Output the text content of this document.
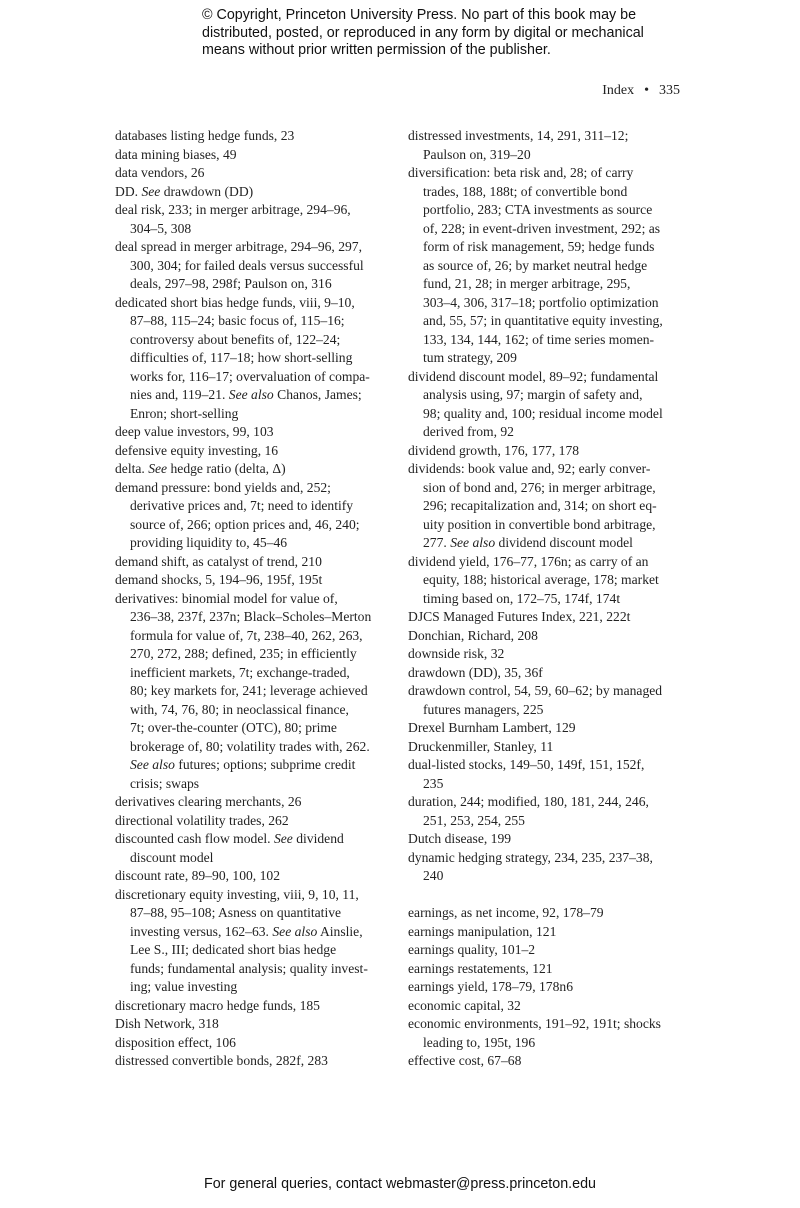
© Copyright, Princeton University Press. No part of this book may be
distributed, posted, or reproduced in any form by digital or mechanical
means without prior written permission of the publisher.
Index • 335
databases listing hedge funds, 23
data mining biases, 49
data vendors, 26
DD. See drawdown (DD)
deal risk, 233; in merger arbitrage, 294–96,
304–5, 308
deal spread in merger arbitrage, 294–96, 297,
300, 304; for failed deals versus successful
deals, 297–98, 298f; Paulson on, 316
dedicated short bias hedge funds, viii, 9–10,
87–88, 115–24; basic focus of, 115–16;
controversy about benefits of, 122–24;
difficulties of, 117–18; how short-selling
works for, 116–17; overvaluation of compa-
nies and, 119–21. See also Chanos, James;
Enron; short-selling
deep value investors, 99, 103
defensive equity investing, 16
delta. See hedge ratio (delta, Δ)
demand pressure: bond yields and, 252;
derivative prices and, 7t; need to identify
source of, 266; option prices and, 46, 240;
providing liquidity to, 45–46
demand shift, as catalyst of trend, 210
demand shocks, 5, 194–96, 195f, 195t
derivatives: binomial model for value of,
236–38, 237f, 237n; Black–Scholes–Merton
formula for value of, 7t, 238–40, 262, 263,
270, 272, 288; defined, 235; in efficiently
inefficient markets, 7t; exchange-traded,
80; key markets for, 241; leverage achieved
with, 74, 76, 80; in neoclassical finance,
7t; over-the-counter (OTC), 80; prime
brokerage of, 80; volatility trades with, 262.
See also futures; options; subprime credit
crisis; swaps
derivatives clearing merchants, 26
directional volatility trades, 262
discounted cash flow model. See dividend
discount model
discount rate, 89–90, 100, 102
discretionary equity investing, viii, 9, 10, 11,
87–88, 95–108; Asness on quantitative
investing versus, 162–63. See also Ainslie,
Lee S., III; dedicated short bias hedge
funds; fundamental analysis; quality invest-
ing; value investing
discretionary macro hedge funds, 185
Dish Network, 318
disposition effect, 106
distressed convertible bonds, 282f, 283
distressed investments, 14, 291, 311–12;
Paulson on, 319–20
diversification: beta risk and, 28; of carry
trades, 188, 188t; of convertible bond
portfolio, 283; CTA investments as source
of, 228; in event-driven investment, 292; as
form of risk management, 59; hedge funds
as source of, 26; by market neutral hedge
fund, 21, 28; in merger arbitrage, 295,
303–4, 306, 317–18; portfolio optimization
and, 55, 57; in quantitative equity investing,
133, 134, 144, 162; of time series momen-
tum strategy, 209
dividend discount model, 89–92; fundamental
analysis using, 97; margin of safety and,
98; quality and, 100; residual income model
derived from, 92
dividend growth, 176, 177, 178
dividends: book value and, 92; early conver-
sion of bond and, 276; in merger arbitrage,
296; recapitalization and, 314; on short eq-
uity position in convertible bond arbitrage,
277. See also dividend discount model
dividend yield, 176–77, 176n; as carry of an
equity, 188; historical average, 178; market
timing based on, 172–75, 174f, 174t
DJCS Managed Futures Index, 221, 222t
Donchian, Richard, 208
downside risk, 32
drawdown (DD), 35, 36f
drawdown control, 54, 59, 60–62; by managed
futures managers, 225
Drexel Burnham Lambert, 129
Druckenmiller, Stanley, 11
dual-listed stocks, 149–50, 149f, 151, 152f,
235
duration, 244; modified, 180, 181, 244, 246,
251, 253, 254, 255
Dutch disease, 199
dynamic hedging strategy, 234, 235, 237–38,
240
earnings, as net income, 92, 178–79
earnings manipulation, 121
earnings quality, 101–2
earnings restatements, 121
earnings yield, 178–79, 178n6
economic capital, 32
economic environments, 191–92, 191t; shocks
leading to, 195t, 196
effective cost, 67–68
For general queries, contact webmaster@press.princeton.edu
